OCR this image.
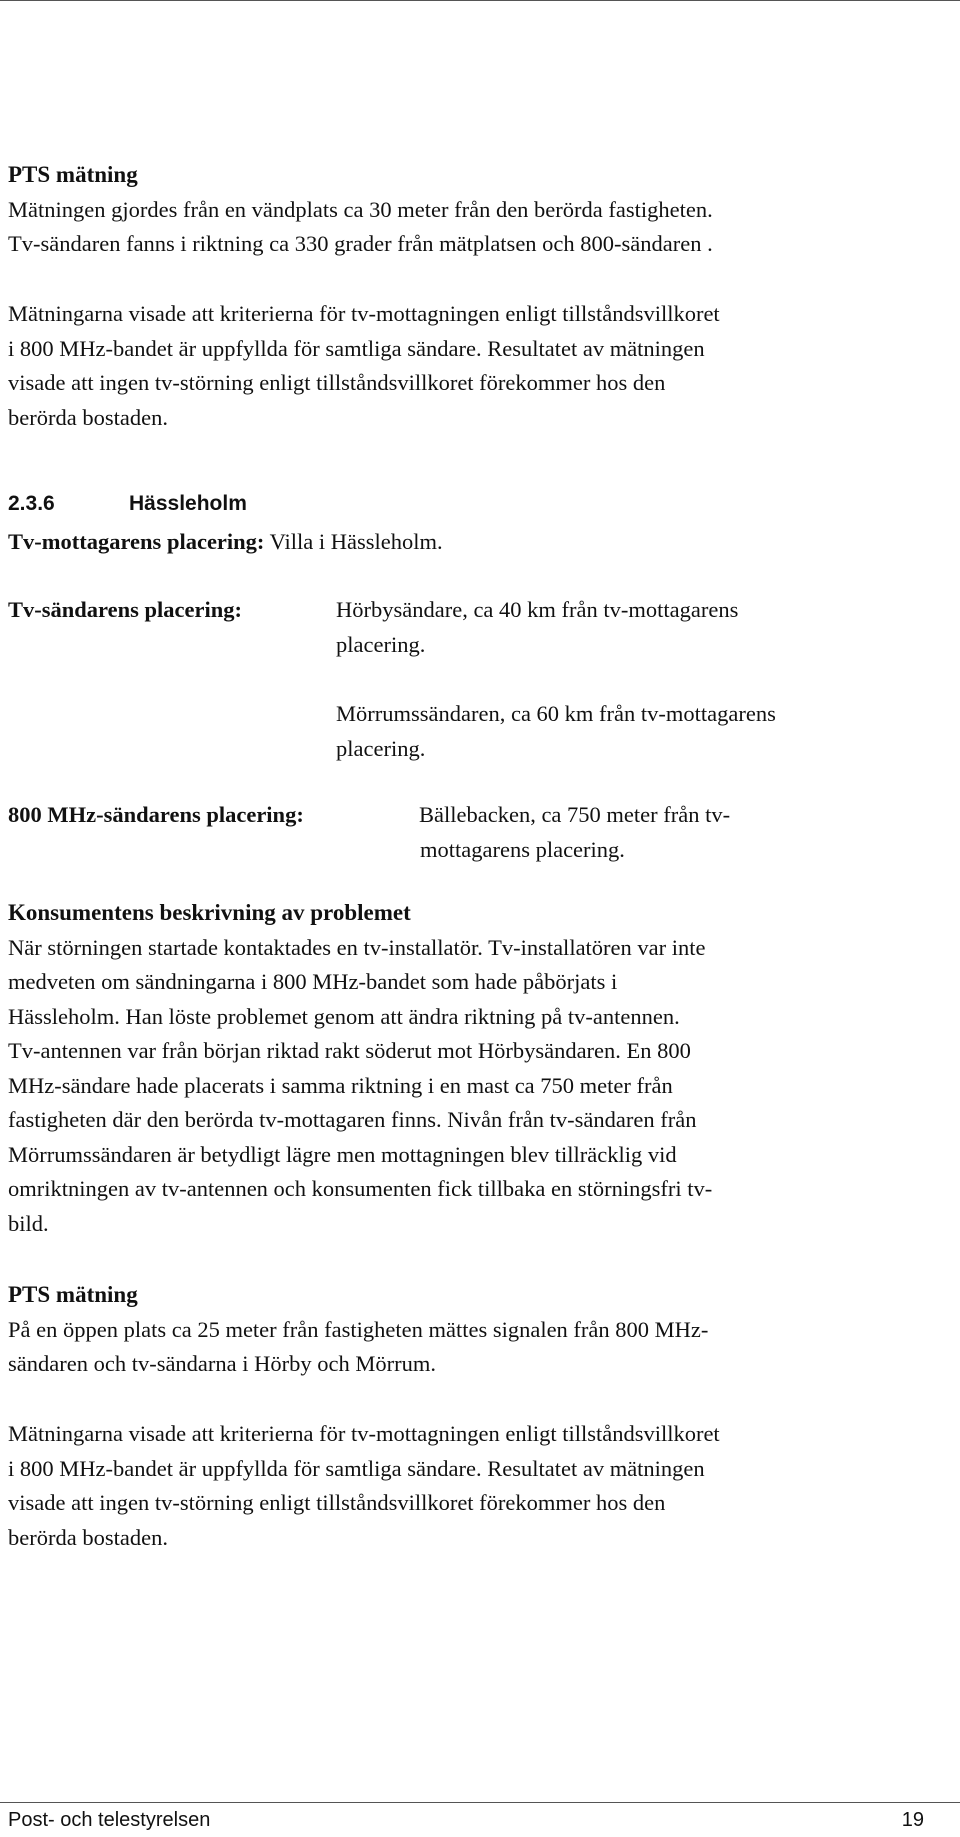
PTS mätning
Mätningen gjordes från en vändplats ca 30 meter från den berörda fastigheten.
Tv-sändaren fanns i riktning ca 330 grader från mätplatsen och 800-sändaren .
Mätningarna visade att kriterierna för tv-mottagningen enligt tillståndsvillkoret
i 800 MHz-bandet är uppfyllda för samtliga sändare. Resultatet av mätningen
visade att ingen tv-störning enligt tillståndsvillkoret förekommer hos den
berörda bostaden.
2.3.6	Hässleholm
Tv-mottagarens placering: Villa i Hässleholm.
Tv-sändarens placering:	Hörbysändare, ca 40 km från tv-mottagarens
placering.
Mörrumssändaren, ca 60 km från tv-mottagarens
placering.
800 MHz-sändarens placering:	Bällebacken, ca 750 meter från tv-
mottagarens placering.
Konsumentens beskrivning av problemet
När störningen startade kontaktades en tv-installatör. Tv-installatören var inte
medveten om sändningarna i 800 MHz-bandet som hade påbörjats i
Hässleholm. Han löste problemet genom att ändra riktning på tv-antennen.
Tv-antennen var från början riktad rakt söderut mot Hörbysändaren. En 800
MHz-sändare hade placerats i samma riktning i en mast ca 750 meter från
fastigheten där den berörda tv-mottagaren finns. Nivån från tv-sändaren från
Mörrumssändaren är betydligt lägre men mottagningen blev tillräcklig vid
omriktningen av tv-antennen och konsumenten fick tillbaka en störningsfri tv-
bild.
PTS mätning
På en öppen plats ca 25 meter från fastigheten mättes signalen från 800 MHz-
sändaren och tv-sändarna i Hörby och Mörrum.
Mätningarna visade att kriterierna för tv-mottagningen enligt tillståndsvillkoret
i 800 MHz-bandet är uppfyllda för samtliga sändare. Resultatet av mätningen
visade att ingen tv-störning enligt tillståndsvillkoret förekommer hos den
berörda bostaden.
Post- och telestyrelsen	19
